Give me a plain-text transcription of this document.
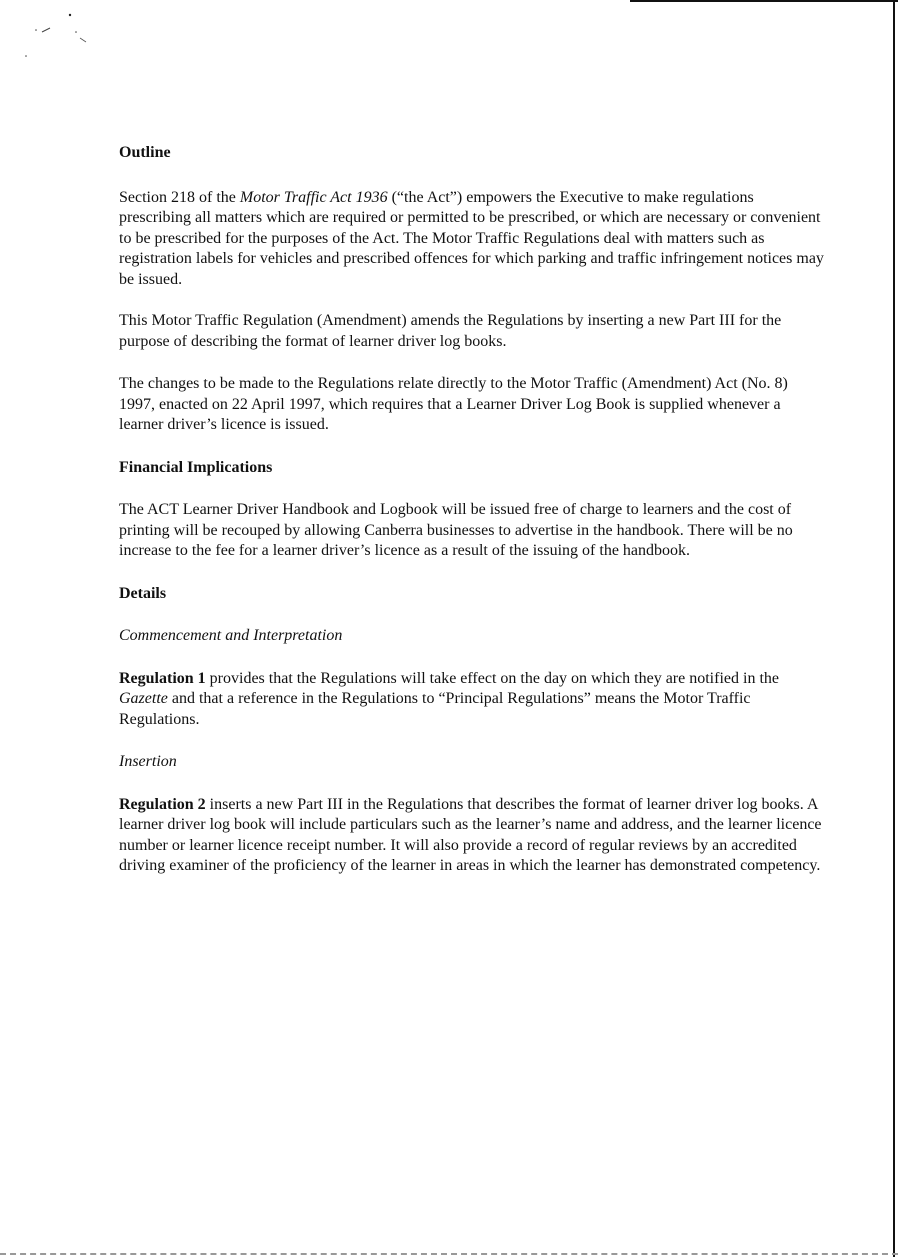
Outline

Section 218 of the Motor Traffic Act 1936 (“the Act”) empowers the Executive to make regulations prescribing all matters which are required or permitted to be prescribed, or which are necessary or convenient to be prescribed for the purposes of the Act. The Motor Traffic Regulations deal with matters such as registration labels for vehicles and prescribed offences for which parking and traffic infringement notices may be issued.

This Motor Traffic Regulation (Amendment) amends the Regulations by inserting a new Part III for the purpose of describing the format of learner driver log books.

The changes to be made to the Regulations relate directly to the Motor Traffic (Amendment) Act (No. 8) 1997, enacted on 22 April 1997, which requires that a Learner Driver Log Book is supplied whenever a learner driver’s licence is issued.

Financial Implications

The ACT Learner Driver Handbook and Logbook will be issued free of charge to learners and the cost of printing will be recouped by allowing Canberra businesses to advertise in the handbook. There will be no increase to the fee for a learner driver’s licence as a result of the issuing of the handbook.

Details
Commencement and Interpretation

Regulation 1 provides that the Regulations will take effect on the day on which they are notified in the Gazette and that a reference in the Regulations to “Principal Regulations” means the Motor Traffic Regulations.

Insertion

Regulation 2 inserts a new Part III in the Regulations that describes the format of learner driver log books. A learner driver log book will include particulars such as the learner’s name and address, and the learner licence number or learner licence receipt number. It will also provide a record of regular reviews by an accredited driving examiner of the proficiency of the learner in areas in which the learner has demonstrated competency.
